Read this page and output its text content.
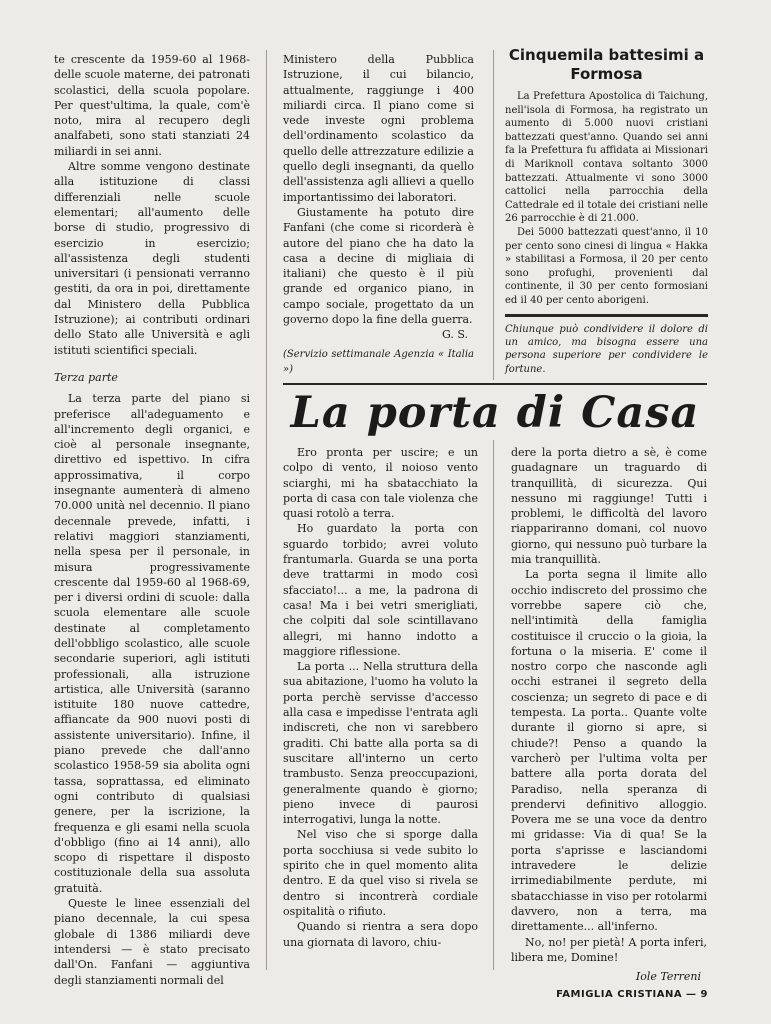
te crescente da 1959-60 al 1968-delle scuole materne, dei patronati scolastici, della scuola popolare. Per quest'ultima, la quale, com'è noto, mira al recupero degli analfabeti, sono stati stanziati 24 miliardi in sei anni.

Altre somme vengono destinate alla istituzione di classi differenziali nelle scuole elementari; all'aumento delle borse di studio, progressivo di esercizio in esercizio; all'assistenza degli studenti universitari (i pensionati verranno gestiti, da ora in poi, direttamente dal Ministero della Pubblica Istruzione); ai contributi ordinari dello Stato alle Università e agli istituti scientifici speciali.

Terza parte

La terza parte del piano si preferisce all'adeguamento e all'incremento degli organici, e cioè al personale insegnante, direttivo ed ispettivo. In cifra approssimativa, il corpo insegnante aumenterà di almeno 70.000 unità nel decennio. Il piano decennale prevede, infatti, i relativi maggiori stanziamenti, nella spesa per il personale, in misura progressivamente crescente dal 1959-60 al 1968-69, per i diversi ordini di scuole: dalla scuola elementare alle scuole destinate al completamento dell'obbligo scolastico, alle scuole secondarie superiori, agli istituti professionali, alla istruzione artistica, alle Università (saranno istituite 180 nuove cattedre, affiancate da 900 nuovi posti di assistente universitario). Infine, il piano prevede che dall'anno scolastico 1958-59 sia abolita ogni tassa, soprattassa, ed eliminato ogni contributo di qualsiasi genere, per la iscrizione, la frequenza e gli esami nella scuola d'obbligo (fino ai 14 anni), allo scopo di rispettare il disposto costituzionale della sua assoluta gratuità.

Queste le linee essenziali del piano decennale, la cui spesa globale di 1386 miliardi deve intendersi — è stato precisato dall'On. Fanfani — aggiuntiva degli stanziamenti normali del

Ministero della Pubblica Istruzione, il cui bilancio, attualmente, raggiunge i 400 miliardi circa. Il piano come si vede investe ogni problema dell'ordinamento scolastico da quello delle attrezzature edilizie a quello degli insegnanti, da quello dell'assistenza agli allievi a quello importantissimo dei laboratori.

Giustamente ha potuto dire Fanfani (che come si ricorderà è autore del piano che ha dato la casa a decine di migliaia di italiani) che questo è il più grande ed organico piano, in campo sociale, progettato da un governo dopo la fine della guerra.

G. S.

(Servizio settimanale Agenzia « Italia »)

Cinquemila battesimi a Formosa

La Prefettura Apostolica di Taichung, nell'isola di Formosa, ha registrato un aumento di 5.000 nuovi cristiani battezzati quest'anno. Quando sei anni fa la Prefettura fu affidata ai Missionari di Mariknoll contava soltanto 3000 battezzati. Attualmente vi sono 3000 cattolici nella parrocchia della Cattedrale ed il totale dei cristiani nelle 26 parrocchie è di 21.000.

Dei 5000 battezzati quest'anno, il 10 per cento sono cinesi di lingua « Hakka » stabilitasi a Formosa, il 20 per cento sono profughi, provenienti dal continente, il 30 per cento formosiani ed il 40 per cento aborigeni.

Chiunque può condividere il dolore di un amico, ma bisogna essere una persona superiore per condividere le fortune.
La porta di Casa

Ero pronta per uscire; e un colpo di vento, il noioso vento sciarghi, mi ha sbatacchiato la porta di casa con tale violenza che quasi rotolò a terra.

Ho guardato la porta con sguardo torbido; avrei voluto frantumarla. Guarda se una porta deve trattarmi in modo così sfacciato!... a me, la padrona di casa! Ma i bei vetri smerigliati, che colpiti dal sole scintillavano allegri, mi hanno indotto a maggiore riflessione.

La porta ... Nella struttura della sua abitazione, l'uomo ha voluto la porta perchè servisse d'accesso alla casa e impedisse l'entrata agli indiscreti, che non vi sarebbero graditi. Chi batte alla porta sa di suscitare all'interno un certo trambusto. Senza preoccupazioni, generalmente quando è giorno; pieno invece di paurosi interrogativi, lunga la notte.

Nel viso che si sporge dalla porta socchiusa si vede subito lo spirito che in quel momento alita dentro. E da quel viso si rivela se dentro si incontrerà cordiale ospitalità o rifiuto.

Quando si rientra a sera dopo una giornata di lavoro, chiu-

dere la porta dietro a sè, è come guadagnare un traguardo di tranquillità, di sicurezza. Qui nessuno mi raggiunge! Tutti i problemi, le difficoltà del lavoro riappariranno domani, col nuovo giorno, qui nessuno può turbare la mia tranquillità.

La porta segna il limite allo occhio indiscreto del prossimo che vorrebbe sapere ciò che, nell'intimità della famiglia costituisce il cruccio o la gioia, la fortuna o la miseria. E' come il nostro corpo che nasconde agli occhi estranei il segreto della coscienza; un segreto di pace e di tempesta. La porta.. Quante volte durante il giorno si apre, si chiude?! Penso a quando la varcherò per l'ultima volta per battere alla porta dorata del Paradiso, nella speranza di prendervi definitivo alloggio. Povera me se una voce da dentro mi gridasse: Via di qua! Se la porta s'aprisse e lasciandomi intravedere le delizie irrimediabilmente perdute, mi sbatacchiasse in viso per rotolarmi davvero, non a terra, ma direttamente... all'inferno.

No, no! per pietà! A porta inferi, libera me, Domine!

Iole Terreni

FAMIGLIA CRISTIANA — 9
